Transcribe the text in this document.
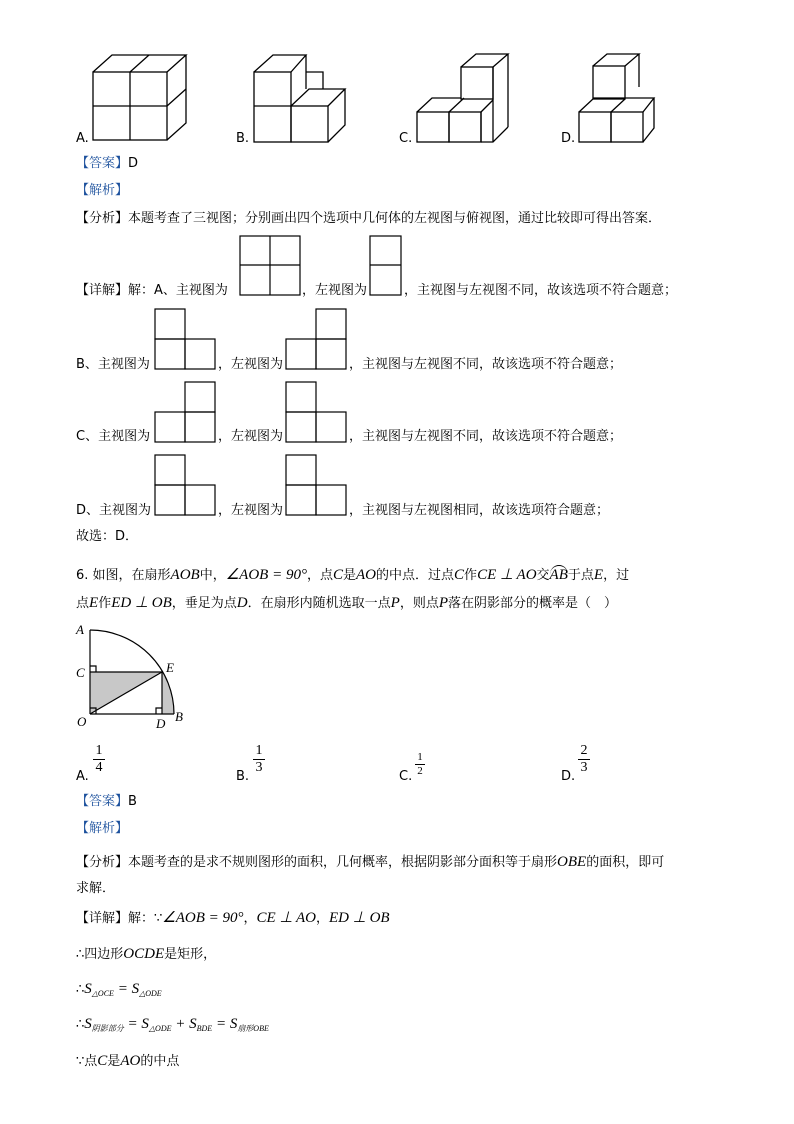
A.	B.	C.	D.
【答案】D
【解析】
【分析】本题考查了三视图；分别画出四个选项中几何体的左视图与俯视图，通过比较即可得出答案．
【详解】解：A、主视图为	，左视图为	，主视图与左视图不同，故该选项不符合题意；
B、主视图为	，左视图为	，主视图与左视图不同，故该选项不符合题意；
C、主视图为	，左视图为	，主视图与左视图不同，故该选项不符合题意；
D、主视图为	，左视图为	，主视图与左视图相同，故该选项符合题意；
故选：D．
6. 如图，在扇形AOB中，∠AOB = 90°，点C是AO的中点．过点C作CE ⊥ AO交AB于点E，过
点E作ED ⊥ OB，垂足为点D．在扇形内随机选取一点P，则点P落在阴影部分的概率是（　）
A
C	E
O	D B
A.
1
4
B.
1
3
C.
1
2	D.
2
3
【答案】B
【解析】
【分析】本题考查的是求不规则图形的面积，几何概率，根据阴影部分面积等于扇形OBE的面积，即可
求解．
【详解】解：∵∠AOB = 90°，CE ⊥ AO，ED ⊥ OB
∴四边形OCDE是矩形，
$\therefore S_{\triangle OCE} = S_{\triangle ODE}$
$\therefore S_{阴影部分} = S_{\triangle ODE} + S_{BDE} = S_{扇形OBE}$
∵点C是AO的中点
